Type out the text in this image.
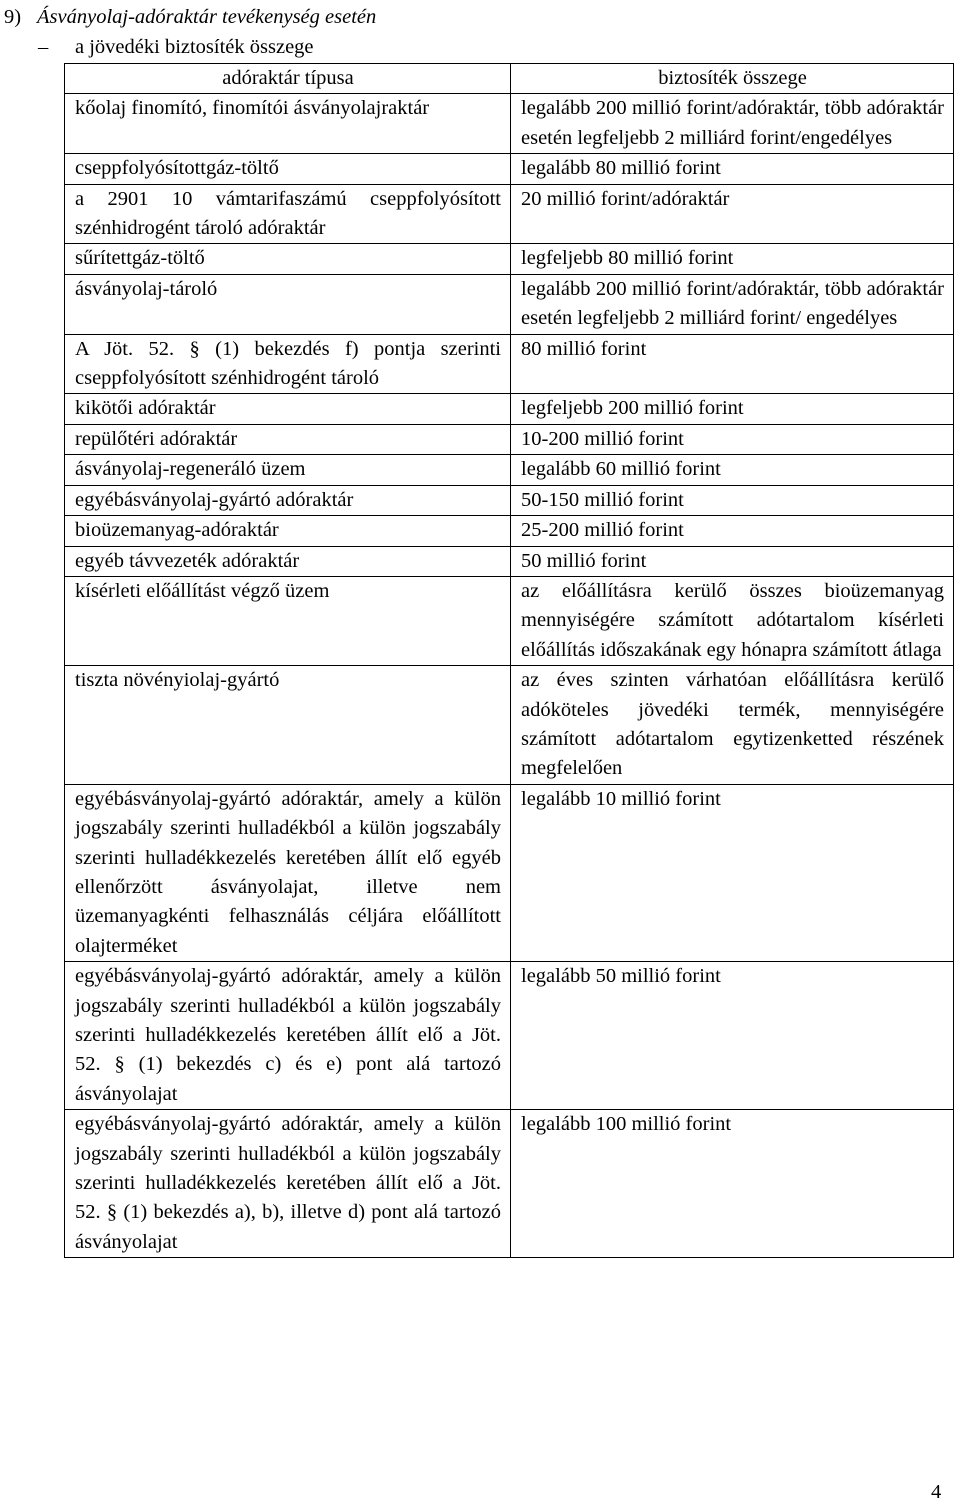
9) Ásványolaj-adóraktár tevékenység esetén
– a jövedéki biztosíték összege
adóraktár típusa	biztosíték összege
kőolaj finomító, finomítói ásványolajraktár	legalább 200 millió forint/adóraktár, több adóraktár esetén legfeljebb 2 milliárd forint/engedélyes
cseppfolyósítottgáz-töltő	legalább 80 millió forint
a 2901 10 vámtarifaszámú cseppfolyósított szénhidrogént tároló adóraktár	20 millió forint/adóraktár
sűrítettgáz-töltő	legfeljebb 80 millió forint
ásványolaj-tároló	legalább 200 millió forint/adóraktár, több adóraktár esetén legfeljebb 2 milliárd forint/ engedélyes
A Jöt. 52. § (1) bekezdés f) pontja szerinti cseppfolyósított szénhidrogént tároló	80 millió forint
kikötői adóraktár	legfeljebb 200 millió forint
repülőtéri adóraktár	10-200 millió forint
ásványolaj-regeneráló üzem	legalább 60 millió forint
egyébásványolaj-gyártó adóraktár	50-150 millió forint
bioüzemanyag-adóraktár	25-200 millió forint
egyéb távvezeték adóraktár	50 millió forint
kísérleti előállítást végző üzem	az előállításra kerülő összes bioüzemanyag mennyiségére számított adótartalom kísérleti előállítás időszakának egy hónapra számított átlaga
tiszta növényiolaj-gyártó	az éves szinten várhatóan előállításra kerülő adóköteles jövedéki termék, mennyiségére számított adótartalom egytizenketted részének megfelelően
egyébásványolaj-gyártó adóraktár, amely a külön jogszabály szerinti hulladékból a külön jogszabály szerinti hulladékkezelés keretében állít elő egyéb ellenőrzött ásványolajat, illetve nem üzemanyagkénti felhasználás céljára előállított olajterméket	legalább 10 millió forint
egyébásványolaj-gyártó adóraktár, amely a külön jogszabály szerinti hulladékból a külön jogszabály szerinti hulladékkezelés keretében állít elő a Jöt. 52. § (1) bekezdés c) és e) pont alá tartozó ásványolajat	legalább 50 millió forint
egyébásványolaj-gyártó adóraktár, amely a külön jogszabály szerinti hulladékból a külön jogszabály szerinti hulladékkezelés keretében állít elő a Jöt. 52. § (1) bekezdés a), b), illetve d) pont alá tartozó ásványolajat	legalább 100 millió forint
4
